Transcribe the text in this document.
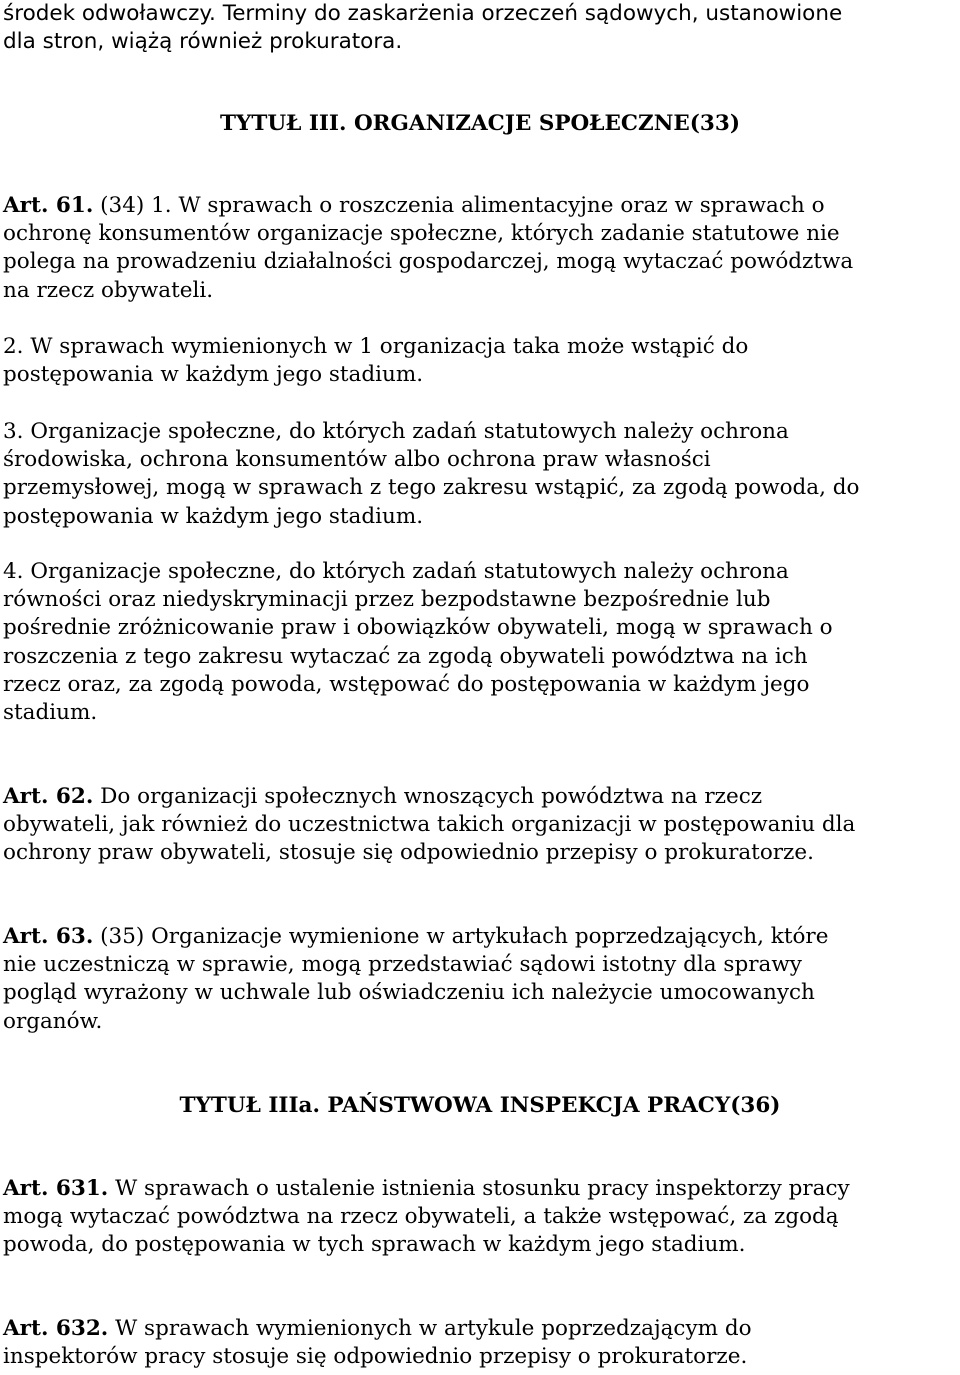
środek odwoławczy. Terminy do zaskarżenia orzeczeń sądowych, ustanowione
dla stron, wiążą również prokuratora.

TYTUŁ III. ORGANIZACJE SPOŁECZNE(33)

Art. 61. (34) 1. W sprawach o roszczenia alimentacyjne oraz w sprawach o
ochronę konsumentów organizacje społeczne, których zadanie statutowe nie
polega na prowadzeniu działalności gospodarczej, mogą wytaczać powództwa
na rzecz obywateli.

2. W sprawach wymienionych w 1 organizacja taka może wstąpić do
postępowania w każdym jego stadium.

3. Organizacje społeczne, do których zadań statutowych należy ochrona
środowiska, ochrona konsumentów albo ochrona praw własności
przemysłowej, mogą w sprawach z tego zakresu wstąpić, za zgodą powoda, do
postępowania w każdym jego stadium.

4. Organizacje społeczne, do których zadań statutowych należy ochrona
równości oraz niedyskryminacji przez bezpodstawne bezpośrednie lub
pośrednie zróżnicowanie praw i obowiązków obywateli, mogą w sprawach o
roszczenia z tego zakresu wytaczać za zgodą obywateli powództwa na ich
rzecz oraz, za zgodą powoda, wstępować do postępowania w każdym jego
stadium.

Art. 62. Do organizacji społecznych wnoszących powództwa na rzecz
obywateli, jak również do uczestnictwa takich organizacji w postępowaniu dla
ochrony praw obywateli, stosuje się odpowiednio przepisy o prokuratorze.
Art. 63. (35) Organizacje wymienione w artykułach poprzedzających, które
nie uczestniczą w sprawie, mogą przedstawiać sądowi istotny dla sprawy
pogląd wyrażony w uchwale lub oświadczeniu ich należycie umocowanych
organów.

TYTUŁ IIIa. PAŃSTWOWA INSPEKCJA PRACY(36)

Art. 631. W sprawach o ustalenie istnienia stosunku pracy inspektorzy pracy
mogą wytaczać powództwa na rzecz obywateli, a także wstępować, za zgodą
powoda, do postępowania w tych sprawach w każdym jego stadium.
Art. 632. W sprawach wymienionych w artykule poprzedzającym do
inspektorów pracy stosuje się odpowiednio przepisy o prokuratorze.
